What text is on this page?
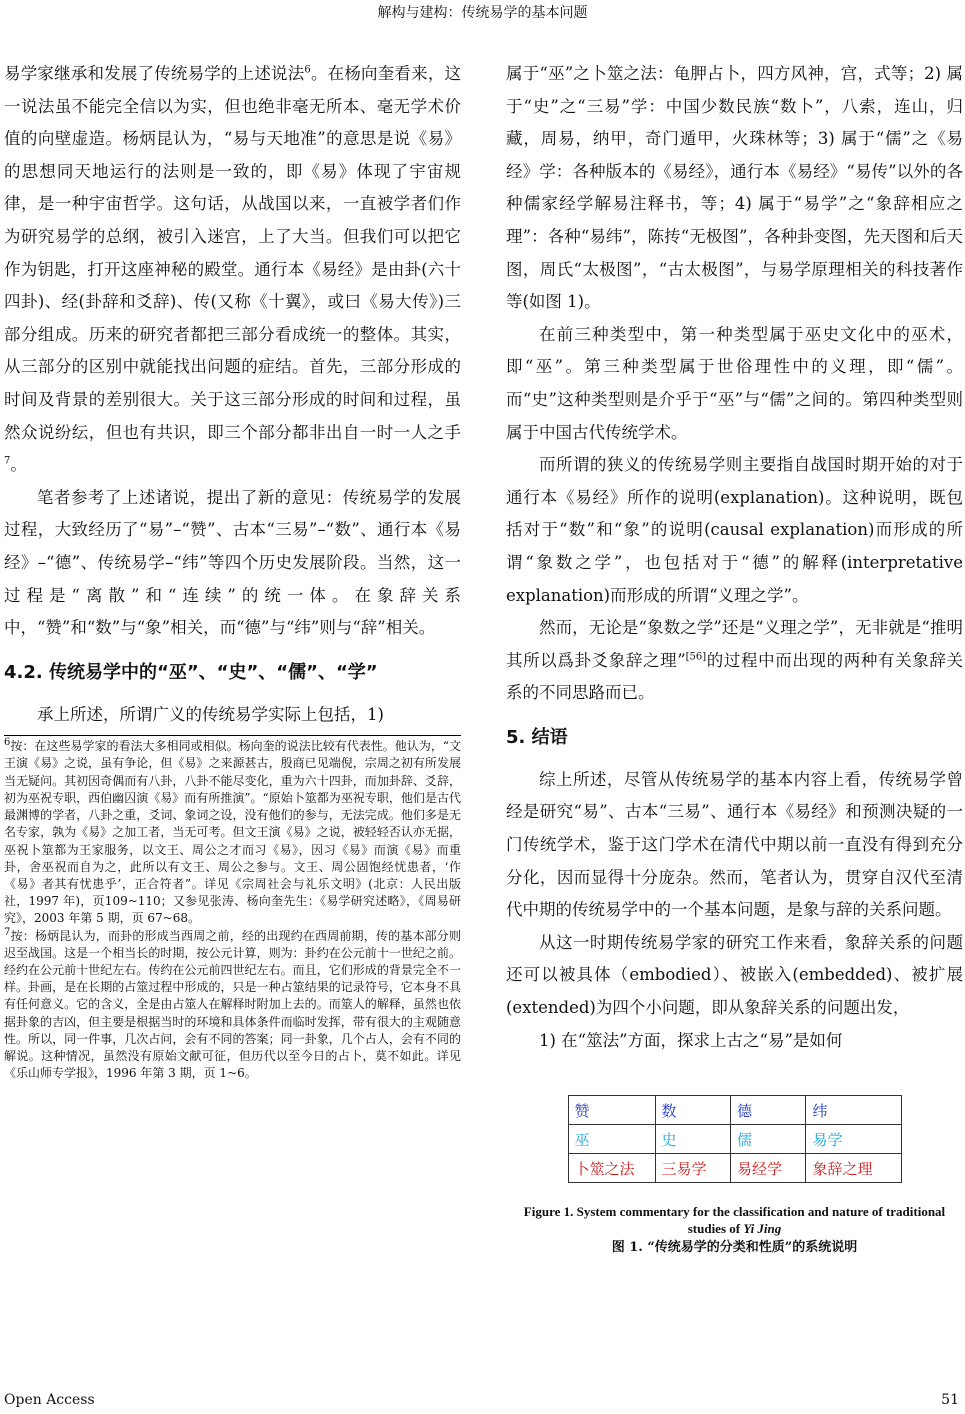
解构与建构：传统易学的基本问题

易学家继承和发展了传统易学的上述说法$^6$。在杨向奎看来，这一说法虽不能完全信以为实，但也绝非毫无所本、毫无学术价值的向壁虚造。杨炳昆认为，“易与天地准”的意思是说《易》的思想同天地运行的法则是一致的，即《易》体现了宇宙规律，是一种宇宙哲学。这句话，从战国以来，一直被学者们作为研究易学的总纲，被引入迷宫，上了大当。但我们可以把它作为钥匙，打开这座神秘的殿堂。通行本《易经》是由卦(六十四卦)、经(卦辞和爻辞)、传(又称《十翼》，或曰《易大传》)三部分组成。历来的研究者都把三部分看成统一的整体。其实，从三部分的区别中就能找出问题的症结。首先，三部分形成的时间及背景的差别很大。关于这三部分形成的时间和过程，虽然众说纷纭，但也有共识，即三个部分都非出自一时一人之手$^7$。

笔者参考了上述诸说，提出了新的意见：传统易学的发展过程，大致经历了“易”–“赞”、古本“三易”–“数”、通行本《易经》–“德”、传统易学–“纬”等四个历史发展阶段。当然，这一过程是“离散”和“连续”的统一体。在象辞关系中，“赞”和“数”与“象”相关，而“德”与“纬”则与“辞”相关。

4.2. 传统易学中的“巫”、“史”、“儒”、“学”

承上所述，所谓广义的传统易学实际上包括，1)

$^6$按：在这些易学家的看法大多相同或相似。杨向奎的说法比较有代表性。他认为，“文王演《易》之说，虽有争论，但《易》之来源甚古，殷商已见端倪，宗周之初有所发展当无疑问。其初因奇偶而有八卦，八卦不能尽变化，重为六十四卦，而加卦辞、爻辞，初为巫祝专职，西伯幽囚演《易》而有所推演”。“原始卜筮都为巫祝专职，他们是古代最渊博的学者，八卦之重，爻词、象词之设，没有他们的参与，无法完成。他们多是无名专家，孰为《易》之加工者，当无可考。但文王演《易》之说，被轻轻否认亦无据，巫祝卜筮都为王家服务，以文王、周公之才而习《易》，因习《易》而演《易》而重卦，舍巫祝而自为之，此所以有文王、周公之参与。文王、周公固饱经忧患者，‘作《易》者其有忧患乎’，正合符者”。详见《宗周社会与礼乐文明》(北京：人民出版社，1997 年)，页109~110；又参见张涛、杨向奎先生：《易学研究述略》，《周易研究》，2003 年第 5 期，页 67~68。

$^7$按：杨炳昆认为，而卦的形成当西周之前，经的出现约在西周前期，传的基本部分则迟至战国。这是一个相当长的时期，按公元计算，则为：卦约在公元前十一世纪之前。经约在公元前十世纪左右。传约在公元前四世纪左右。而且，它们形成的背景完全不一样。卦画，是在长期的占筮过程中形成的，只是一种占筮结果的记录符号，它本身不具有任何意义。它的含义，全是由占筮人在解释时附加上去的。而筮人的解释，虽然也依据卦象的吉凶，但主要是根据当时的环境和具体条件而临时发挥，带有很大的主观随意性。所以，同一件事，几次占问，会有不同的答案；同一卦象，几个占人，会有不同的解说。这种情况，虽然没有原始文献可征，但历代以至今日的占卜，莫不如此。详见《乐山师专学报》，1996 年第 3 期，页 1~6。

属于“巫”之卜筮之法：龟胛占卜，四方风神，宫，式等；2) 属于“史”之“三易”学：中国少数民族“数卜”，八索，连山，归藏，周易，纳甲，奇门遁甲，火珠林等；3) 属于“儒”之《易经》学：各种版本的《易经》，通行本《易经》“易传”以外的各种儒家经学解易注释书，等；4) 属于“易学”之“象辞相应之理”：各种“易纬”，陈抟“无极图”，各种卦变图，先天图和后天图，周氏“太极图”，“古太极图”，与易学原理相关的科技著作等(如图 1)。

在前三种类型中，第一种类型属于巫史文化中的巫术，即“巫”。第三种类型属于世俗理性中的义理，即“儒”。而“史”这种类型则是介乎于“巫”与“儒”之间的。第四种类型则属于中国古代传统学术。

而所谓的狭义的传统易学则主要指自战国时期开始的对于通行本《易经》所作的说明(explanation)。这种说明，既包括对于“数”和“象”的说明(causal explanation)而形成的所谓“象数之学”，也包括对于“德”的解释(interpretative explanation)而形成的所谓“义理之学”。

然而，无论是“象数之学”还是“义理之学”，无非就是“推明其所以爲卦爻象辞之理”[56]的过程中而出现的两种有关象辞关系的不同思路而已。

5. 结语

综上所述，尽管从传统易学的基本内容上看，传统易学曾经是研究“易”、古本“三易”、通行本《易经》和预测决疑的一门传统学术，鉴于这门学术在清代中期以前一直没有得到充分分化，因而显得十分庞杂。然而，笔者认为，贯穿自汉代至清代中期的传统易学中的一个基本问题，是象与辞的关系问题。

从这一时期传统易学家的研究工作来看，象辞关系的问题还可以被具体（embodied）、被嵌入(embedded)、被扩展(extended)为四个小问题，即从象辞关系的问题出发，

1) 在“筮法”方面，探求上古之“易”是如何

赞	数	德	纬
巫	史	儒	易学
卜筮之法	三易学	易经学	象辞之理

Figure 1. System commentary for the classification and nature of traditional studies of Yi Jing

图 1. “传统易学的分类和性质”的系统说明

Open Access	51
